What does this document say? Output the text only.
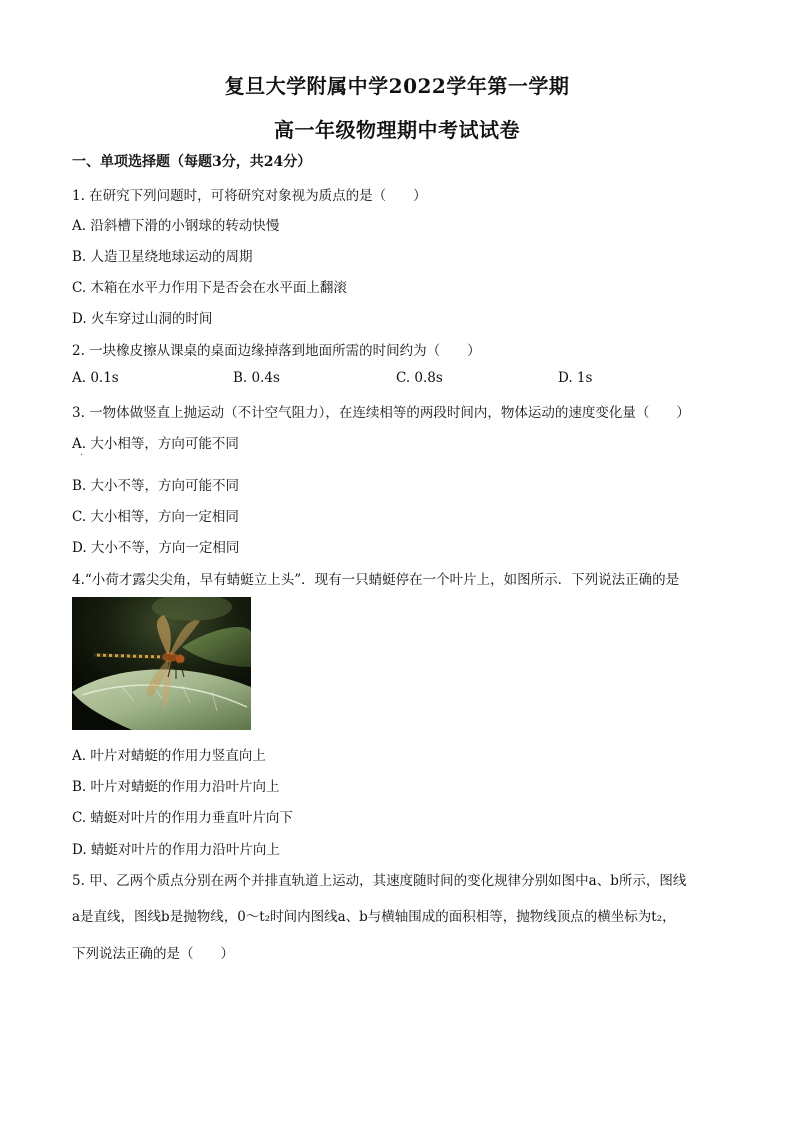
复旦大学附属中学2022学年第一学期
高一年级物理期中考试试卷
一、单项选择题（每题3分，共24分）
1. 在研究下列问题时，可将研究对象视为质点的是（　　）
A. 沿斜槽下滑的小钢球的转动快慢
B. 人造卫星绕地球运动的周期
C. 木箱在水平力作用下是否会在水平面上翻滚
D. 火车穿过山洞的时间
2. 一块橡皮擦从课桌的桌面边缘掉落到地面所需的时间约为（　　）
A. 0.1s	B. 0.4s	C. 0.8s	D. 1s
3. 一物体做竖直上抛运动（不计空气阻力），在连续相等的两段时间内，物体运动的速度变化量（　　）
A. 大小相等，方向可能不同
·
B. 大小不等，方向可能不同
C. 大小相等，方向一定相同
D. 大小不等，方向一定相同
4.“小荷才露尖尖角，早有蜻蜓立上头”．现有一只蜻蜓停在一个叶片上，如图所示．下列说法正确的是
A. 叶片对蜻蜓的作用力竖直向上
B. 叶片对蜻蜓的作用力沿叶片向上
C. 蜻蜓对叶片的作用力垂直叶片向下
D. 蜻蜓对叶片的作用力沿叶片向上
5. 甲、乙两个质点分别在两个并排直轨道上运动，其速度随时间的变化规律分别如图中a、b所示，图线
a是直线，图线b是抛物线，0～t₂时间内图线a、b与横轴围成的面积相等，抛物线顶点的横坐标为t₂，
下列说法正确的是（　　）
